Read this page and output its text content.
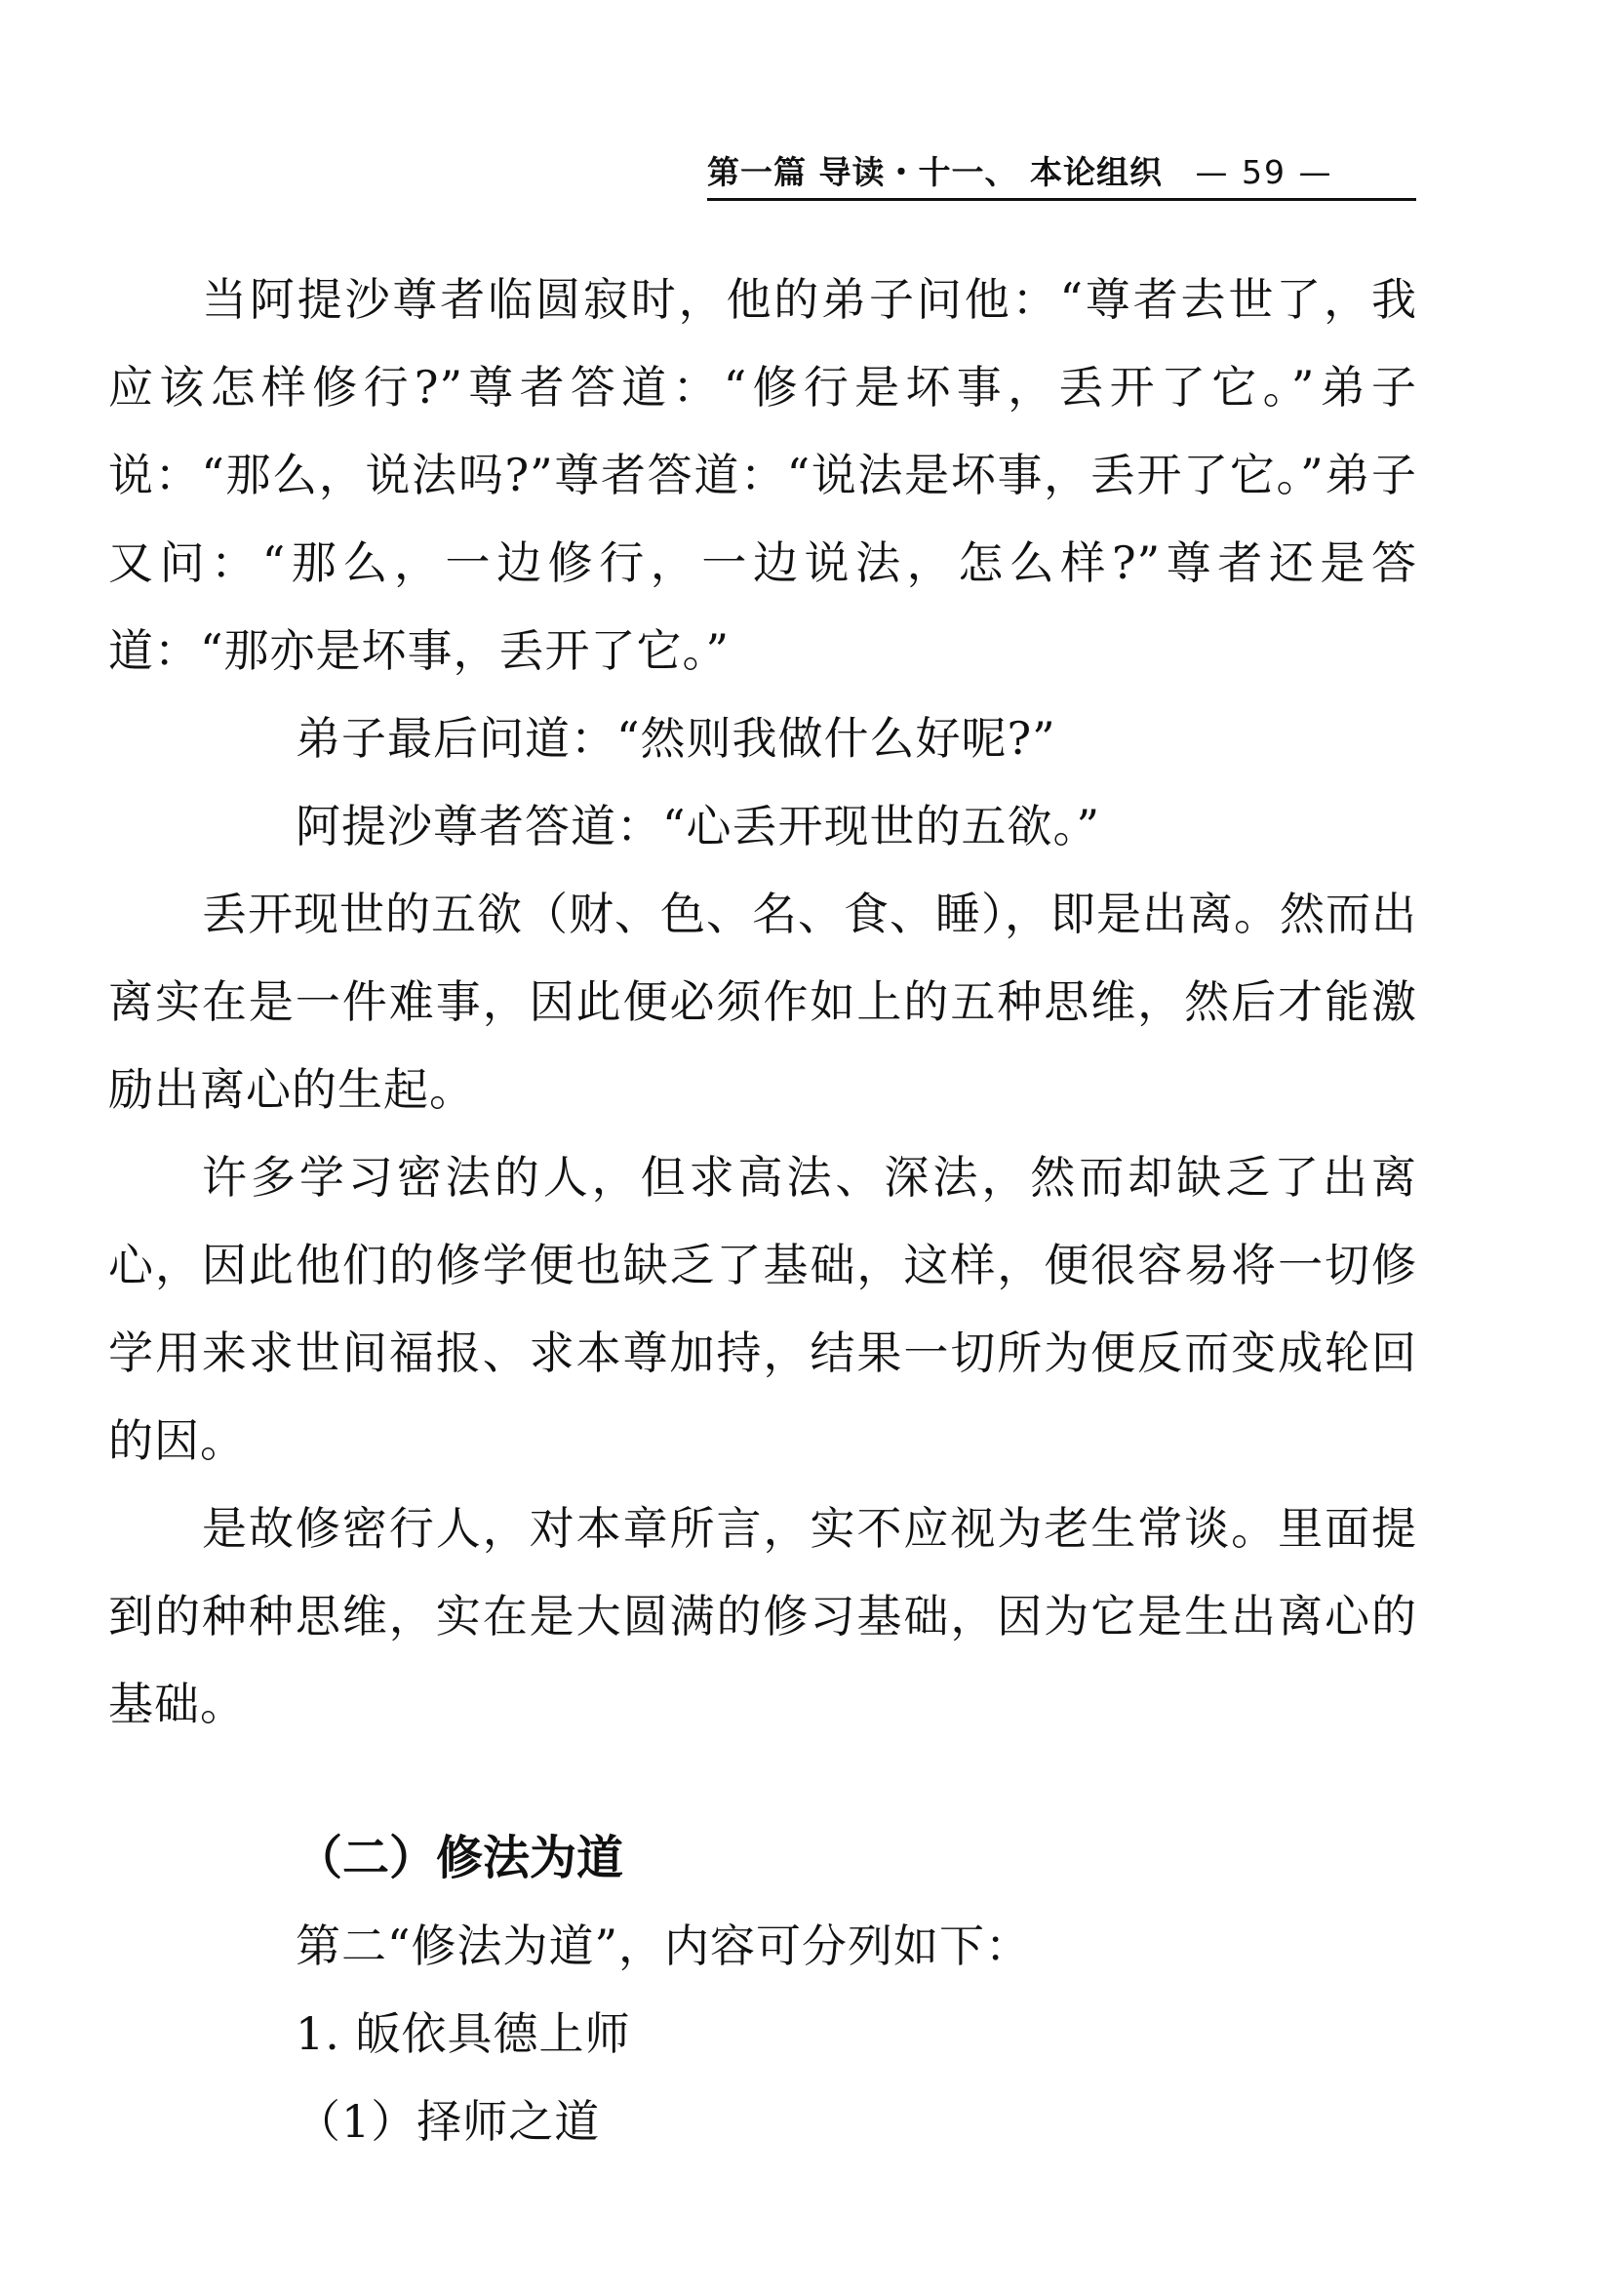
第一篇 导读・十一、 本论组织 — 59 —

当阿提沙尊者临圆寂时，他的弟子问他：“尊者去世了，我应该怎样修行?”尊者答道：“修行是坏事，丢开了它。”弟子说：“那么，说法吗?”尊者答道：“说法是坏事，丢开了它。”弟子又问：“那么，一边修行，一边说法，怎么样?”尊者还是答道：“那亦是坏事，丢开了它。”

弟子最后问道：“然则我做什么好呢?”

阿提沙尊者答道：“心丢开现世的五欲。”

丢开现世的五欲（财、色、名、食、睡），即是出离。然而出离实在是一件难事，因此便必须作如上的五种思维，然后才能激励出离心的生起。

许多学习密法的人，但求高法、深法，然而却缺乏了出离心，因此他们的修学便也缺乏了基础，这样，便很容易将一切修学用来求世间福报、求本尊加持，结果一切所为便反而变成轮回的因。

是故修密行人，对本章所言，实不应视为老生常谈。里面提到的种种思维，实在是大圆满的修习基础，因为它是生出离心的基础。

（二）修法为道
第二“修法为道”，内容可分列如下：
1. 皈依具德上师
（1）择师之道
